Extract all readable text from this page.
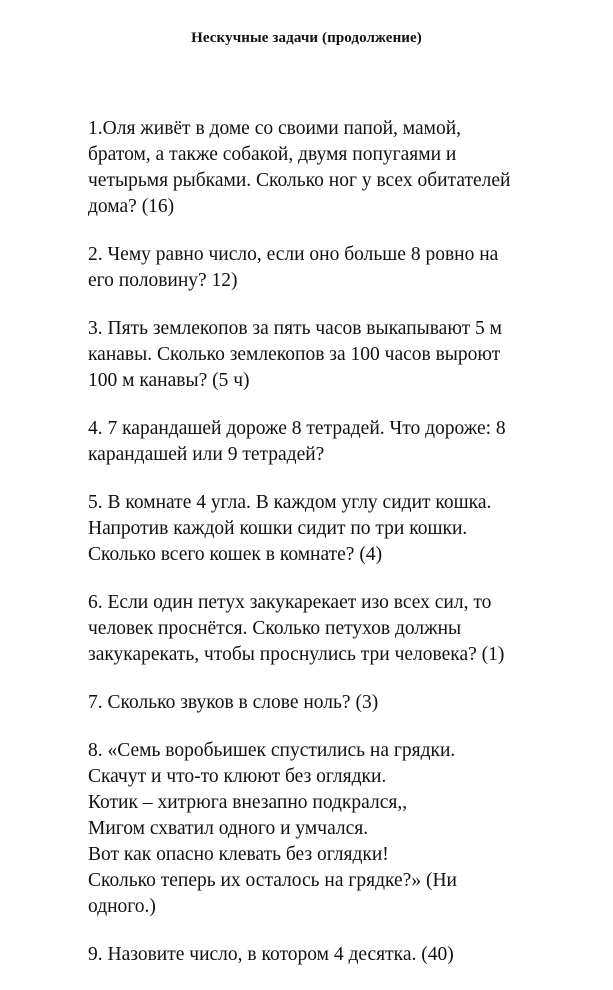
Нескучные задачи (продолжение)
1.Оля живёт в доме со своими папой, мамой,
братом, а также собакой, двумя попугаями и
четырьмя рыбками. Сколько ног у всех обитателей
дома? (16)
2. Чему равно число, если оно больше 8 ровно на
его половину? 12)
3. Пять землекопов за пять часов выкапывают 5 м
канавы. Сколько землекопов за 100 часов выроют
100 м канавы? (5 ч)
4. 7 карандашей дороже 8 тетрадей. Что дороже: 8
карандашей или 9 тетрадей?
5. В комнате 4 угла. В каждом углу сидит кошка.
Напротив каждой кошки сидит по три кошки.
Сколько всего кошек в комнате? (4)
6. Если один петух закукарекает изо всех сил, то
человек проснётся. Сколько петухов должны
закукарекать, чтобы проснулись три человека? (1)
7. Сколько звуков в слове ноль? (3)
8. «Семь воробьишек спустились на грядки.
Скачут и что-то клюют без оглядки.
Котик – хитрюга внезапно подкрался,,
Мигом схватил одного и умчался.
Вот как опасно клевать без оглядки!
Сколько теперь их осталось на грядке?» (Ни
одного.)
9. Назовите число, в котором 4 десятка. (40)
